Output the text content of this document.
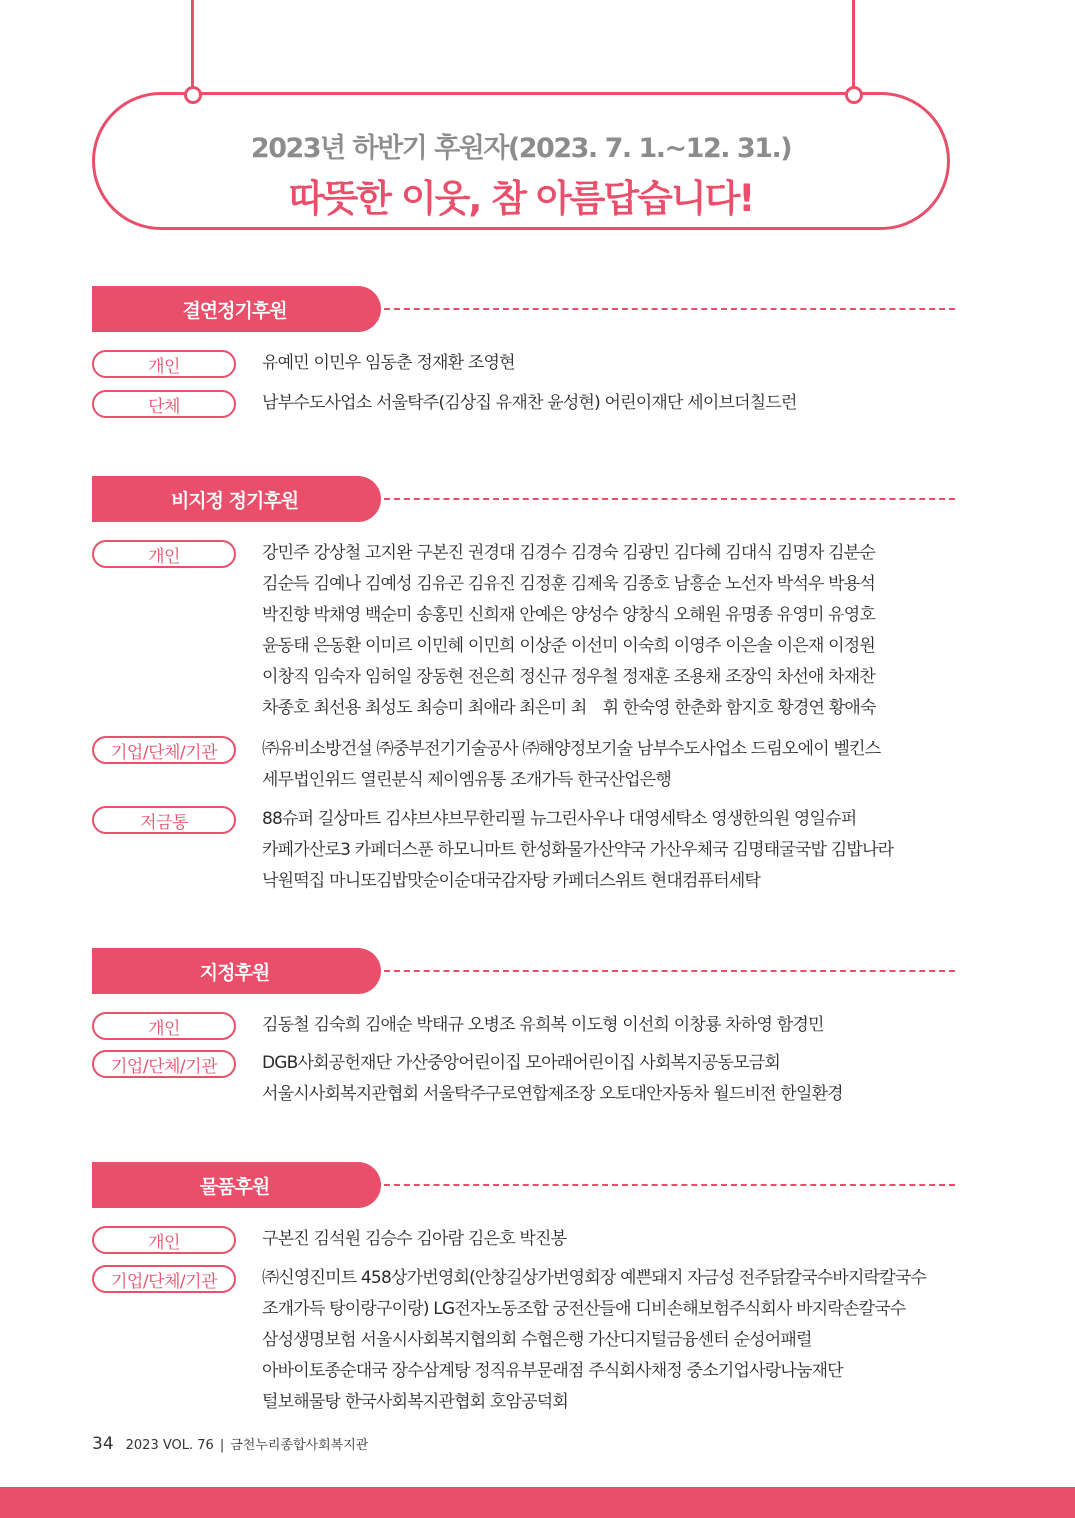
2023년 하반기 후원자(2023. 7. 1.~12. 31.)
따뜻한 이웃, 참 아름답습니다!
결연정기후원
개인	유예민 이민우 임동춘 정재환 조영현
단체	남부수도사업소 서울탁주(김상집 유재찬 윤성현) 어린이재단 세이브더칠드런
비지정 정기후원
개인	강민주 강상철 고지완 구본진 권경대 김경수 김경숙 김광민 김다혜 김대식 김명자 김분순
김순득 김예나 김예성 김유곤 김유진 김정훈 김제욱 김종호 남흥순 노선자 박석우 박용석
박진향 박채영 백순미 송홍민 신희재 안예은 양성수 양창식 오해원 유명종 유영미 유영호
윤동태 은동환 이미르 이민혜 이민희 이상준 이선미 이숙희 이영주 이은솔 이은재 이정원
이창직 임숙자 임허일 장동현 전은희 정신규 정우철 정재훈 조용채 조장익 차선애 차재찬
차종호 최선용 최성도 최승미 최애라 최은미 최　휘 한숙영 한춘화 함지호 황경연 황애숙
기업/단체/기관	㈜유비소방건설 ㈜중부전기기술공사 ㈜해양정보기술 남부수도사업소 드림오에이 벨킨스
세무법인위드 열린분식 제이엠유통 조개가득 한국산업은행
저금통	88슈퍼 길상마트 김샤브샤브무한리필 뉴그린사우나 대영세탁소 영생한의원 영일슈퍼
카페가산로3 카페더스푼 하모니마트 한성화물가산약국 가산우체국 김명태굴국밥 김밥나라
낙원떡집 마니또김밥맛순이순대국감자탕 카페더스위트 현대컴퓨터세탁
지정후원
개인	김동철 김숙희 김애순 박태규 오병조 유희복 이도형 이선희 이창룡 차하영 함경민
기업/단체/기관	DGB사회공헌재단 가산중앙어린이집 모아래어린이집 사회복지공동모금회
서울시사회복지관협회 서울탁주구로연합제조장 오토대안자동차 월드비전 한일환경
물품후원
개인	구본진 김석원 김승수 김아람 김은호 박진봉
기업/단체/기관	㈜신영진미트 458상가번영회(안창길상가번영회장 예쁜돼지 자금성 전주닭칼국수바지락칼국수
조개가득 탕이랑구이랑) LG전자노동조합 궁전산들애 디비손해보험주식회사 바지락손칼국수
삼성생명보험 서울시사회복지협의회 수협은행 가산디지털금융센터 순성어패럴
아바이토종순대국 장수삼계탕 정직유부문래점 주식회사채정 중소기업사랑나눔재단
털보해물탕 한국사회복지관협회 호암공덕회
34 2023 VOL. 76 | 금천누리종합사회복지관
